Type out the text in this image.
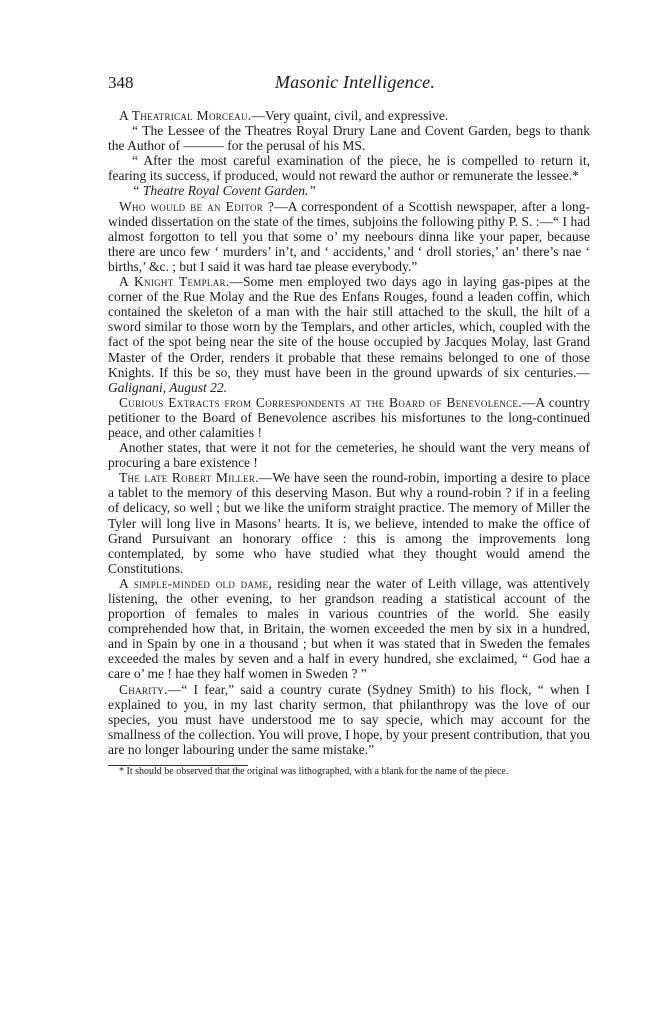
348	Masonic Intelligence.

A Theatrical Morceau.—Very quaint, civil, and expressive.

“ The Lessee of the Theatres Royal Drury Lane and Covent Garden, begs to thank the Author of ——— for the perusal of his MS.

“ After the most careful examination of the piece, he is compelled to return it, fearing its success, if produced, would not reward the author or remunerate the lessee.*

“ Theatre Royal Covent Garden.”

Who would be an Editor ?—A correspondent of a Scottish newspaper, after a long-winded dissertation on the state of the times, subjoins the following pithy P. S. :—“ I had almost forgotton to tell you that some o’ my neebours dinna like your paper, because there are unco few ‘ murders’ in’t, and ‘ accidents,’ and ‘ droll stories,’ an’ there’s nae ‘ births,’ &c. ; but I said it was hard tae please everybody.”

A Knight Templar.—Some men employed two days ago in laying gas-pipes at the corner of the Rue Molay and the Rue des Enfans Rouges, found a leaden coffin, which contained the skeleton of a man with the hair still attached to the skull, the hilt of a sword similar to those worn by the Templars, and other articles, which, coupled with the fact of the spot being near the site of the house occupied by Jacques Molay, last Grand Master of the Order, renders it probable that these remains belonged to one of those Knights. If this be so, they must have been in the ground upwards of six centuries.—Galignani, August 22.

Curious Extracts from Correspondents at the Board of Benevolence.—A country petitioner to the Board of Benevolence ascribes his misfortunes to the long-continued peace, and other calamities !

Another states, that were it not for the cemeteries, he should want the very means of procuring a bare existence !

The late Robert Miller.—We have seen the round-robin, importing a desire to place a tablet to the memory of this deserving Mason. But why a round-robin ? if in a feeling of delicacy, so well ; but we like the uniform straight practice. The memory of Miller the Tyler will long live in Masons’ hearts. It is, we believe, intended to make the office of Grand Pursuivant an honorary office : this is among the improvements long contemplated, by some who have studied what they thought would amend the Constitutions.

A simple-minded old dame, residing near the water of Leith village, was attentively listening, the other evening, to her grandson reading a statistical account of the proportion of females to males in various countries of the world. She easily comprehended how that, in Britain, the women exceeded the men by six in a hundred, and in Spain by one in a thousand ; but when it was stated that in Sweden the females exceeded the males by seven and a half in every hundred, she exclaimed, “ God hae a care o’ me ! hae they half women in Sweden ? ”

Charity.—“ I fear,” said a country curate (Sydney Smith) to his flock, “ when I explained to you, in my last charity sermon, that philanthropy was the love of our species, you must have understood me to say specie, which may account for the smallness of the collection. You will prove, I hope, by your present contribution, that you are no longer labouring under the same mistake.”

* It should be observed that the original was lithographed, with a blank for the name of the piece.
